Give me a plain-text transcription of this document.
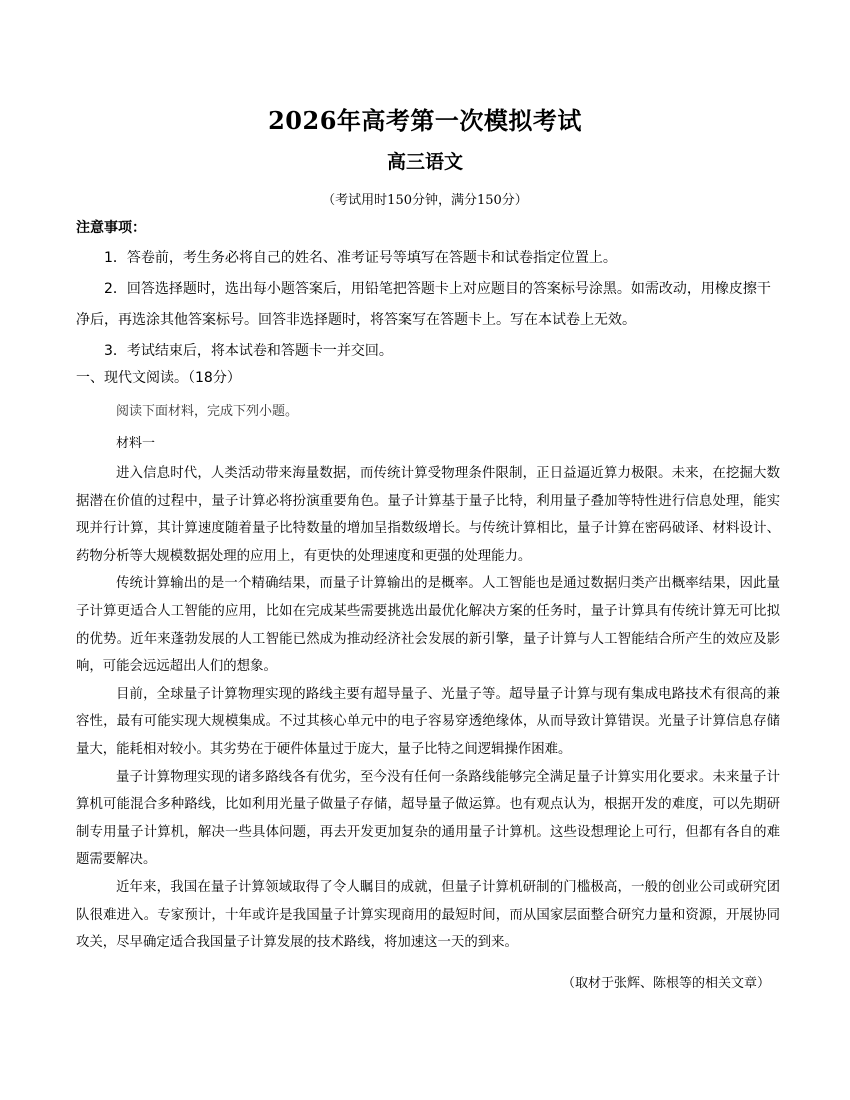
2026年高考第一次模拟考试
高三语文
（考试用时150分钟，满分150分）
注意事项：

1．答卷前，考生务必将自己的姓名、准考证号等填写在答题卡和试卷指定位置上。

2．回答选择题时，选出每小题答案后，用铅笔把答题卡上对应题目的答案标号涂黑。如需改动，用橡皮擦干净后，再选涂其他答案标号。回答非选择题时，将答案写在答题卡上。写在本试卷上无效。

3．考试结束后，将本试卷和答题卡一并交回。

一、现代文阅读。（18分）
阅读下面材料，完成下列小题。
材料一

进入信息时代，人类活动带来海量数据，而传统计算受物理条件限制，正日益逼近算力极限。未来，在挖掘大数据潜在价值的过程中，量子计算必将扮演重要角色。量子计算基于量子比特，利用量子叠加等特性进行信息处理，能实现并行计算，其计算速度随着量子比特数量的增加呈指数级增长。与传统计算相比，量子计算在密码破译、材料设计、药物分析等大规模数据处理的应用上，有更快的处理速度和更强的处理能力。

传统计算输出的是一个精确结果，而量子计算输出的是概率。人工智能也是通过数据归类产出概率结果，因此量子计算更适合人工智能的应用，比如在完成某些需要挑选出最优化解决方案的任务时，量子计算具有传统计算无可比拟的优势。近年来蓬勃发展的人工智能已然成为推动经济社会发展的新引擎，量子计算与人工智能结合所产生的效应及影响，可能会远远超出人们的想象。

目前，全球量子计算物理实现的路线主要有超导量子、光量子等。超导量子计算与现有集成电路技术有很高的兼容性，最有可能实现大规模集成。不过其核心单元中的电子容易穿透绝缘体，从而导致计算错误。光量子计算信息存储量大，能耗相对较小。其劣势在于硬件体量过于庞大，量子比特之间逻辑操作困难。

量子计算物理实现的诸多路线各有优劣，至今没有任何一条路线能够完全满足量子计算实用化要求。未来量子计算机可能混合多种路线，比如利用光量子做量子存储，超导量子做运算。也有观点认为，根据开发的难度，可以先期研制专用量子计算机，解决一些具体问题，再去开发更加复杂的通用量子计算机。这些设想理论上可行，但都有各自的难题需要解决。

近年来，我国在量子计算领域取得了令人瞩目的成就，但量子计算机研制的门槛极高，一般的创业公司或研究团队很难进入。专家预计，十年或许是我国量子计算实现商用的最短时间，而从国家层面整合研究力量和资源，开展协同攻关，尽早确定适合我国量子计算发展的技术路线，将加速这一天的到来。

（取材于张辉、陈根等的相关文章）
